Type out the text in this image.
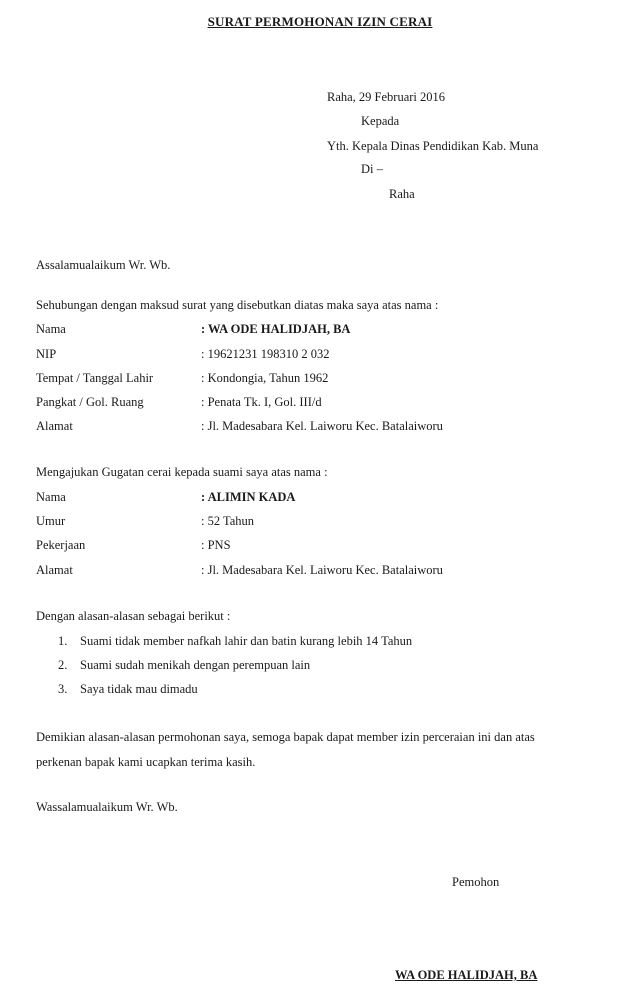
SURAT PERMOHONAN IZIN CERAI
Raha, 29 Februari 2016
Kepada
Yth. Kepala Dinas Pendidikan Kab. Muna
Di –
Raha
Assalamualaikum Wr. Wb.
Sehubungan dengan maksud surat yang disebutkan diatas maka saya atas nama :
Nama	: WA ODE HALIDJAH, BA
NIP	: 19621231 198310 2 032
Tempat / Tanggal Lahir	: Kondongia, Tahun 1962
Pangkat / Gol. Ruang	: Penata Tk. I, Gol. III/d
Alamat	: Jl. Madesabara Kel. Laiworu Kec. Batalaiworu
Mengajukan Gugatan cerai kepada suami saya atas nama :
Nama	: ALIMIN KADA
Umur	: 52 Tahun
Pekerjaan	: PNS
Alamat	: Jl. Madesabara Kel. Laiworu Kec. Batalaiworu
Dengan alasan-alasan sebagai berikut :
1. Suami tidak member nafkah lahir dan batin kurang lebih 14 Tahun
2. Suami sudah menikah dengan perempuan lain
3. Saya tidak mau dimadu
Demikian alasan-alasan permohonan saya, semoga bapak dapat member izin perceraian ini dan atas
perkenan bapak kami ucapkan terima kasih.
Wassalamualaikum Wr. Wb.
Pemohon
WA ODE HALIDJAH, BA
